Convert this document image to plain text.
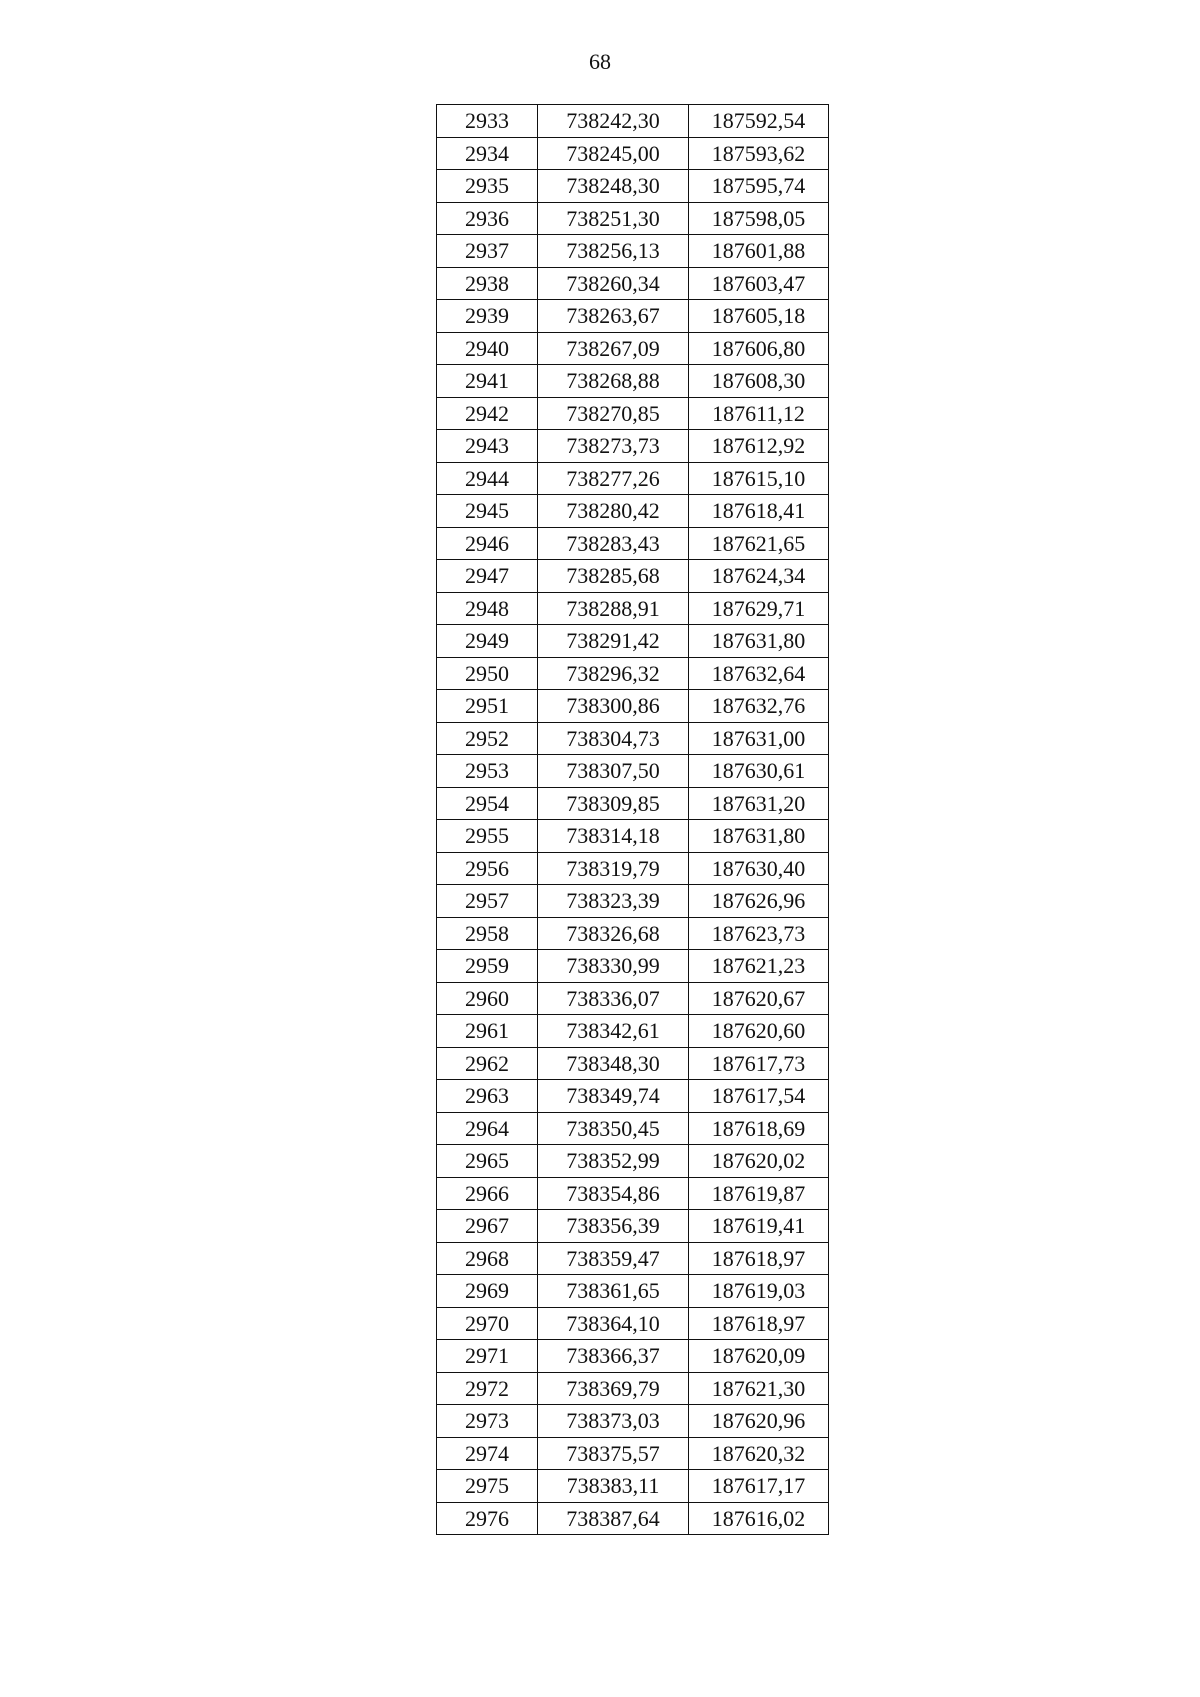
68
2933	738242,30	187592,54
2934	738245,00	187593,62
2935	738248,30	187595,74
2936	738251,30	187598,05
2937	738256,13	187601,88
2938	738260,34	187603,47
2939	738263,67	187605,18
2940	738267,09	187606,80
2941	738268,88	187608,30
2942	738270,85	187611,12
2943	738273,73	187612,92
2944	738277,26	187615,10
2945	738280,42	187618,41
2946	738283,43	187621,65
2947	738285,68	187624,34
2948	738288,91	187629,71
2949	738291,42	187631,80
2950	738296,32	187632,64
2951	738300,86	187632,76
2952	738304,73	187631,00
2953	738307,50	187630,61
2954	738309,85	187631,20
2955	738314,18	187631,80
2956	738319,79	187630,40
2957	738323,39	187626,96
2958	738326,68	187623,73
2959	738330,99	187621,23
2960	738336,07	187620,67
2961	738342,61	187620,60
2962	738348,30	187617,73
2963	738349,74	187617,54
2964	738350,45	187618,69
2965	738352,99	187620,02
2966	738354,86	187619,87
2967	738356,39	187619,41
2968	738359,47	187618,97
2969	738361,65	187619,03
2970	738364,10	187618,97
2971	738366,37	187620,09
2972	738369,79	187621,30
2973	738373,03	187620,96
2974	738375,57	187620,32
2975	738383,11	187617,17
2976	738387,64	187616,02
